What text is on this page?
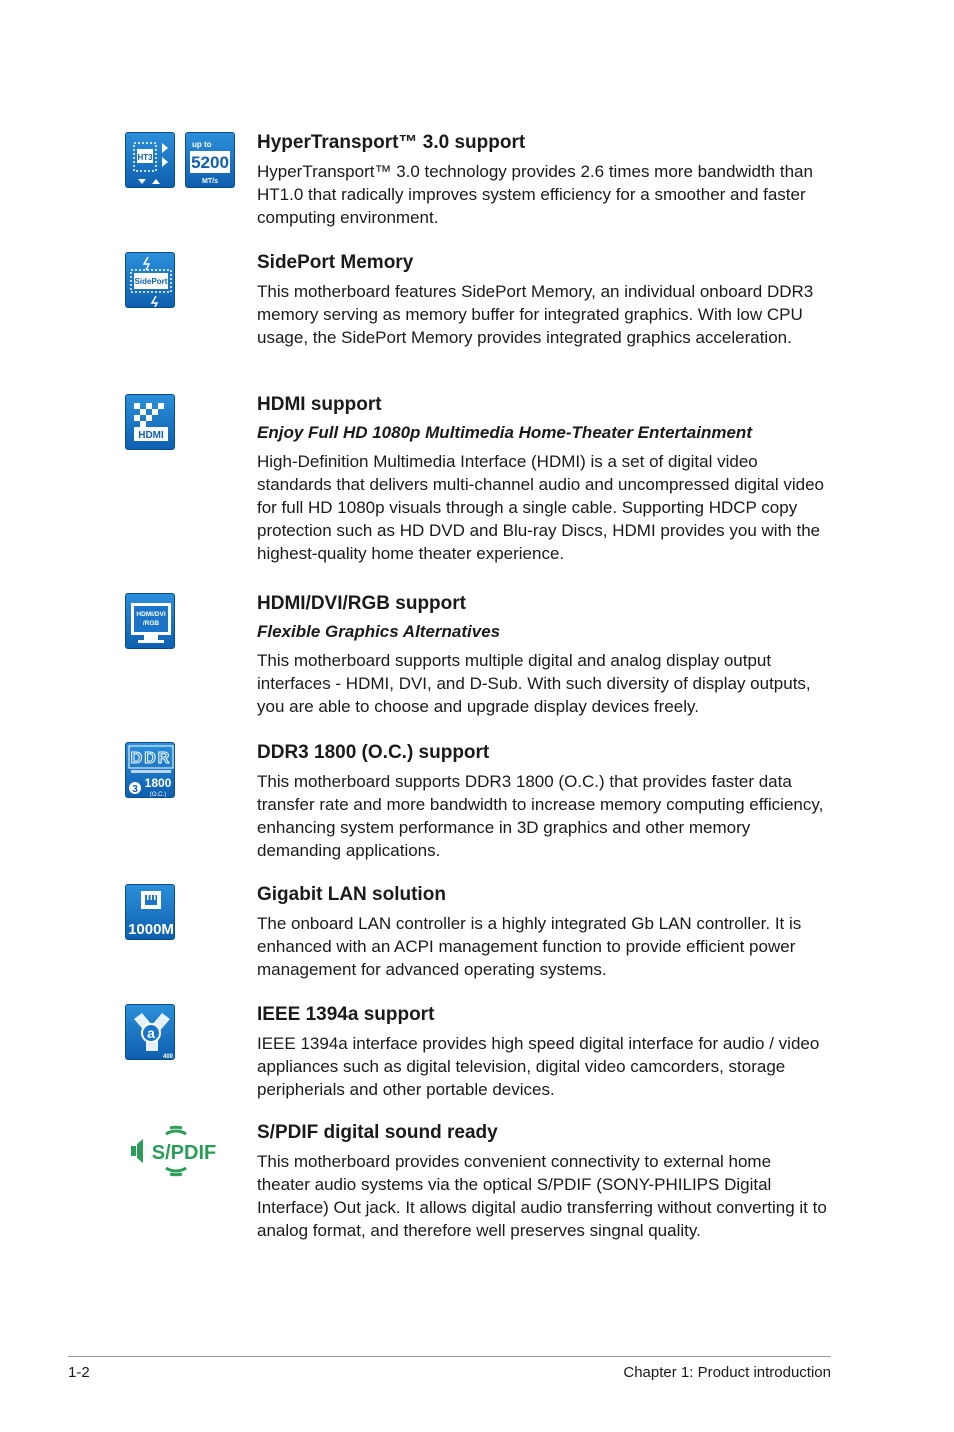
HT3
up to
5200
MT/s
HyperTransport™ 3.0 support

HyperTransport™ 3.0 technology provides 2.6 times more bandwidth than HT1.0 that radically improves system efficiency for a smoother and faster computing environment.

SidePort
SidePort Memory

This motherboard features SidePort Memory, an individual onboard DDR3 memory serving as memory buffer for integrated graphics. With low CPU usage, the SidePort Memory provides integrated graphics acceleration.

HDMI
HDMI support
Enjoy Full HD 1080p Multimedia Home-Theater Entertainment

High-Definition Multimedia Interface (HDMI) is a set of digital video standards that delivers multi-channel audio and uncompressed digital video for full HD 1080p visuals through a single cable. Supporting HDCP copy protection such as HD DVD and Blu-ray Discs, HDMI provides you with the highest-quality home theater experience.

HDMI/DVI
/RGB
HDMI/DVI/RGB support
Flexible Graphics Alternatives

This motherboard supports multiple digital and analog display output interfaces - HDMI, DVI, and D-Sub. With such diversity of display outputs, you are able to choose and upgrade display devices freely.

DDR
3 1800
(O.C.)
DDR3 1800 (O.C.) support

This motherboard supports DDR3 1800 (O.C.) that provides faster data transfer rate and more bandwidth to increase memory computing efficiency, enhancing system performance in 3D graphics and other memory demanding applications.

1000M
Gigabit LAN solution

The onboard LAN controller is a highly integrated Gb LAN controller. It is enhanced with an ACPI management function to provide efficient power management for advanced operating systems.

a
400
IEEE 1394a support

IEEE 1394a interface provides high speed digital interface for audio / video appliances such as digital television, digital video camcorders, storage peripherials and other portable devices.

S/PDIF
S/PDIF digital sound ready

This motherboard provides convenient connectivity to external home theater audio systems via the optical S/PDIF (SONY-PHILIPS Digital Interface) Out jack. It allows digital audio transferring without converting it to analog format, and therefore well preserves singnal quality.

1-2	Chapter 1: Product introduction
